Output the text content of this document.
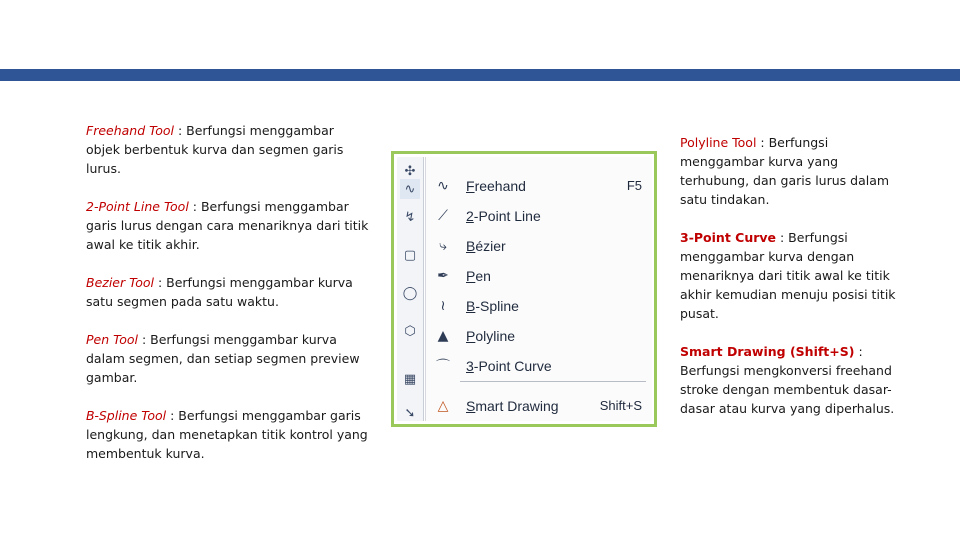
Freehand Tool : Berfungsi menggambar objek berbentuk kurva dan segmen garis lurus.

2-Point Line Tool : Berfungsi menggambar garis lurus dengan cara menariknya dari titik awal ke titik akhir.

Bezier Tool : Berfungsi menggambar kurva satu segmen pada satu waktu.

Pen Tool : Berfungsi menggambar kurva dalam segmen, dan setiap segmen preview gambar.

B-Spline Tool : Berfungsi menggambar garis lengkung, dan menetapkan titik kontrol yang membentuk kurva.

✣
∿
↯
▢
◯
⬡
▦
➘
∿	Freehand	F5
⟋	2-Point Line
⤷	Bézier
✒	Pen
≀	B-Spline
▲	Polyline
⌒ 3-Point Curve
△	Smart Drawing	Shift+S

Polyline Tool : Berfungsi menggambar kurva yang terhubung, dan garis lurus dalam satu tindakan.

3-Point Curve : Berfungsi menggambar kurva dengan menariknya dari titik awal ke titik akhir kemudian menuju posisi titik pusat.

Smart Drawing (Shift+S) : Berfungsi mengkonversi freehand stroke dengan membentuk dasar-dasar atau kurva yang diperhalus.
